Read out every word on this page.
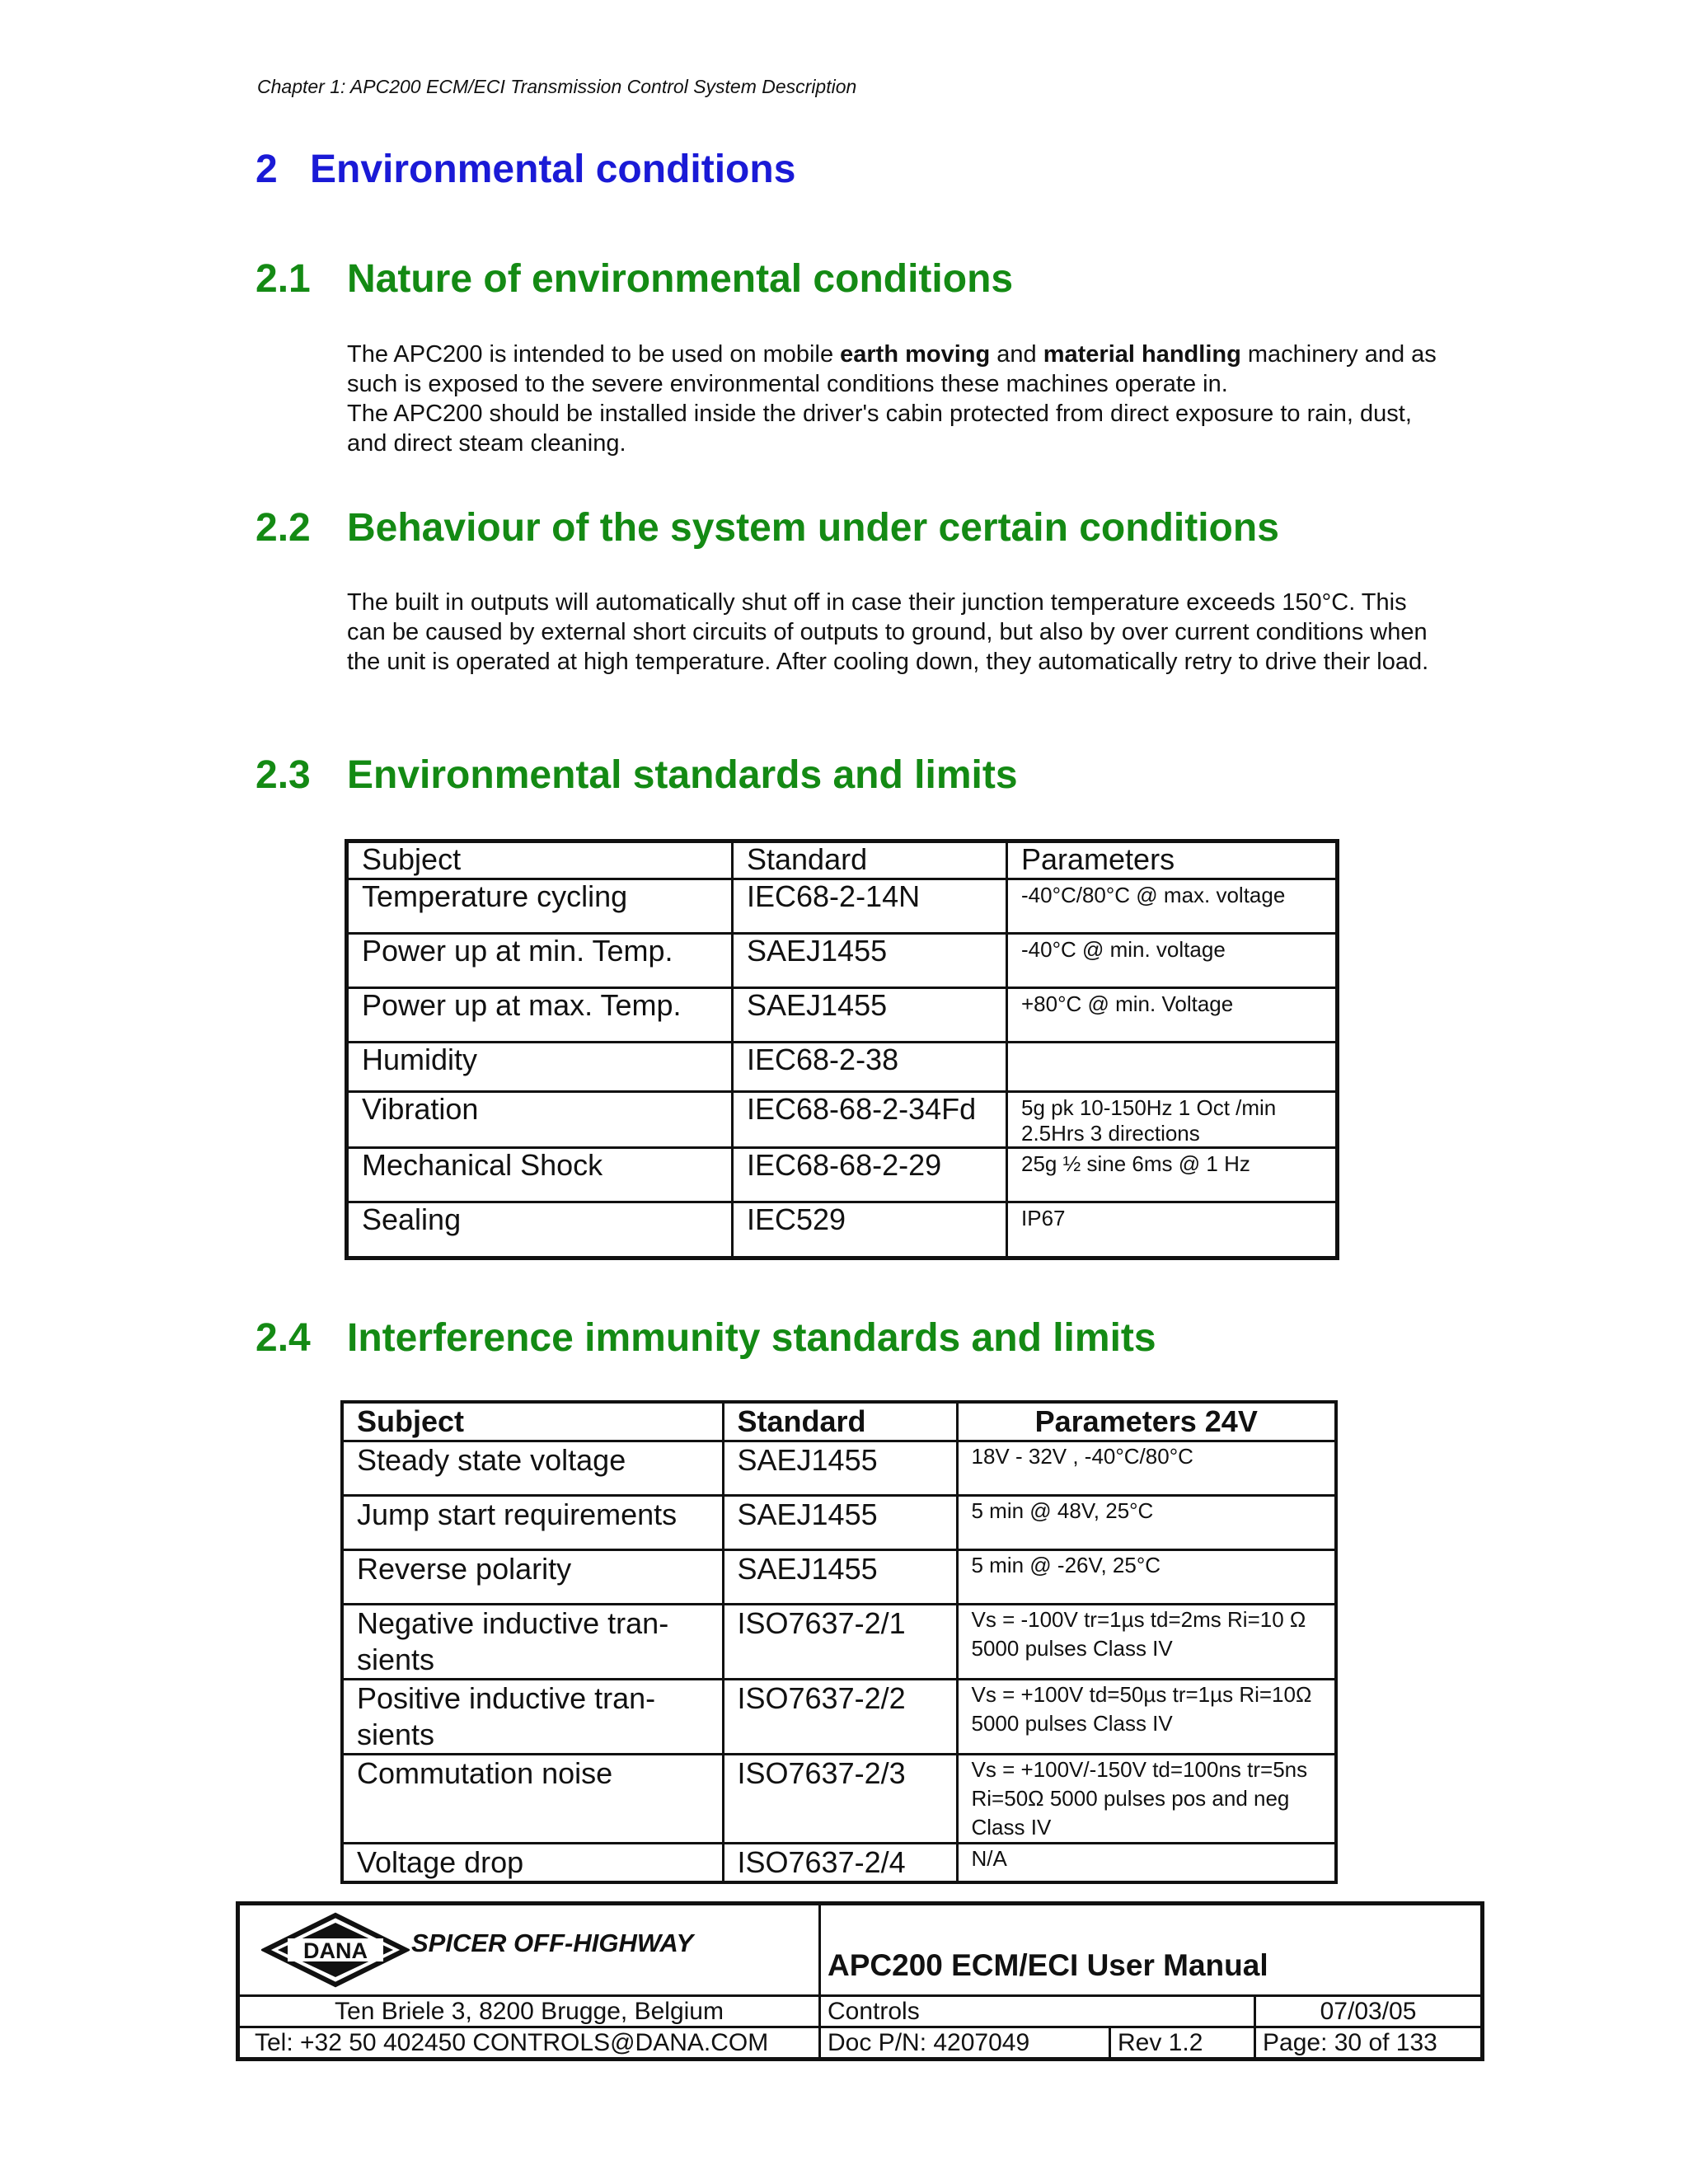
Chapter 1: APC200 ECM/ECI Transmission Control System Description
2 Environmental conditions
2.1 Nature of environmental conditions
The APC200 is intended to be used on mobile earth moving and material handling machinery and as such is exposed to the severe environmental conditions these machines operate in.
The APC200 should be installed inside the driver's cabin protected from direct exposure to rain, dust, and direct steam cleaning.
2.2 Behaviour of the system under certain conditions
The built in outputs will automatically shut off in case their junction temperature exceeds 150°C. This can be caused by external short circuits of outputs to ground, but also by over current conditions when the unit is operated at high temperature. After cooling down, they automatically retry to drive their load.
2.3 Environmental standards and limits
Subject	Standard	Parameters
Temperature cycling	IEC68-2-14N	-40°C/80°C @ max. voltage
Power up at min. Temp.	SAEJ1455	-40°C @ min. voltage
Power up at max. Temp.	SAEJ1455	+80°C @ min. Voltage
Humidity	IEC68-2-38	
Vibration	IEC68-68-2-34Fd	5g pk 10-150Hz 1 Oct /min 2.5Hrs 3 directions
Mechanical Shock	IEC68-68-2-29	25g ½ sine 6ms @ 1 Hz
Sealing	IEC529	IP67
2.4 Interference immunity standards and limits
Subject	Standard	Parameters 24V
Steady state voltage	SAEJ1455	18V - 32V , -40°C/80°C
Jump start requirements	SAEJ1455	5 min @ 48V, 25°C
Reverse polarity	SAEJ1455	5 min @ -26V, 25°C
Negative inductive tran-sients	ISO7637-2/1	Vs = -100V tr=1µs td=2ms Ri=10 Ω 5000 pulses Class IV
Positive inductive tran-sients	ISO7637-2/2	Vs = +100V td=50µs tr=1µs Ri=10Ω 5000 pulses Class IV
Commutation noise	ISO7637-2/3	Vs = +100V/-150V td=100ns tr=5ns Ri=50Ω 5000 pulses pos and neg Class IV
Voltage drop	ISO7637-2/4	N/A
DANA SPICER OFF-HIGHWAY	APC200 ECM/ECI User Manual		
Ten Briele 3, 8200 Brugge, Belgium	Controls		07/03/05
Tel: +32 50 402450 CONTROLS@DANA.COM	Doc P/N: 4207049	Rev 1.2	Page: 30 of 133
